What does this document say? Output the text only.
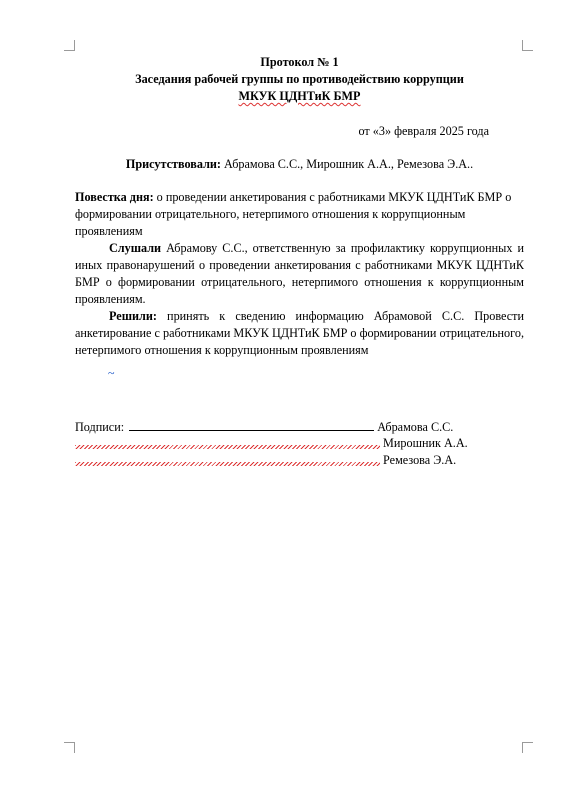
Протокол № 1
Заседания рабочей группы по противодействию коррупции
МКУК ЦДНТиК БМР
от «3» февраля 2025 года
Присутствовали: Абрамова С.С., Мирошник А.А., Ремезова Э.А..
Повестка дня: о проведении анкетирования с работниками МКУК ЦДНТиК БМР о формировании отрицательного, нетерпимого отношения к коррупционным проявлениям
Слушали Абрамову С.С., ответственную за профилактику коррупционных и иных правонарушений о проведении анкетирования с работниками МКУК ЦДНТиК БМР о формировании отрицательного, нетерпимого отношения к коррупционным проявлениям.
Решили: принять к сведению информацию Абрамовой С.С. Провести анкетирование с работниками МКУК ЦДНТиК БМР о формировании отрицательного, нетерпимого отношения к коррупционным проявлениям
~
Подписи:	Абрамова С.С.
Мирошник А.А.
Ремезова Э.А.
